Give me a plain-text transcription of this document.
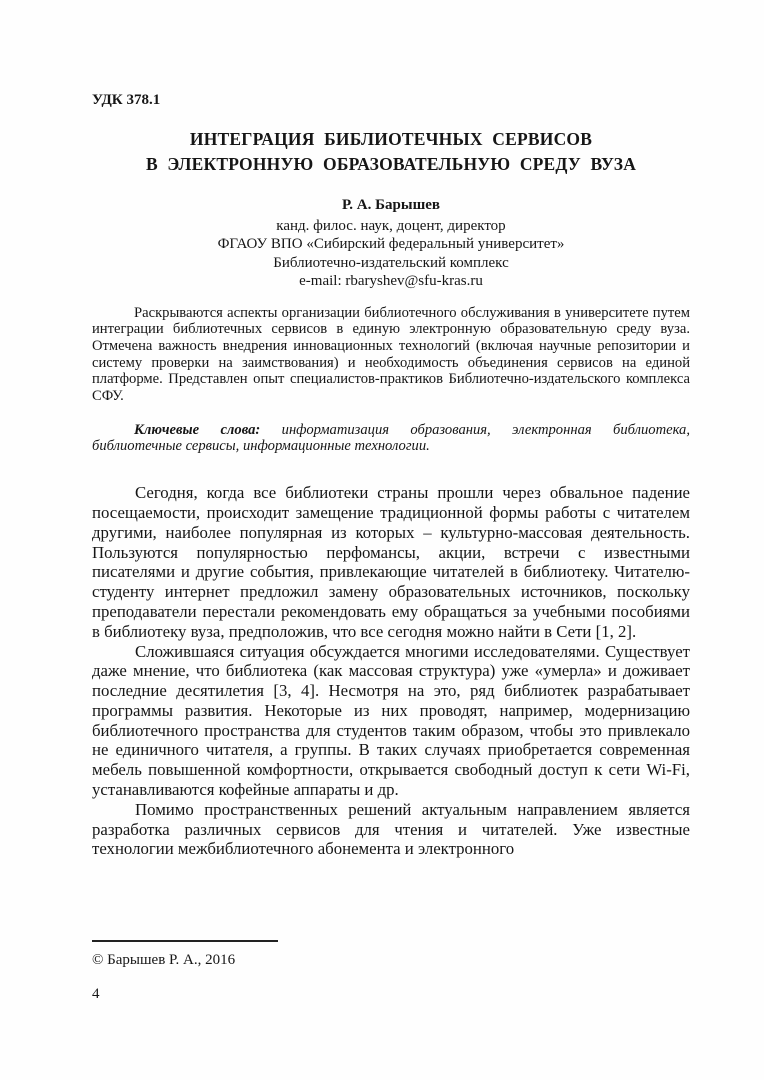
УДК 378.1
ИНТЕГРАЦИЯ БИБЛИОТЕЧНЫХ СЕРВИСОВ
В ЭЛЕКТРОННУЮ ОБРАЗОВАТЕЛЬНУЮ СРЕДУ ВУЗА
Р. А. Барышев
канд. филос. наук, доцент, директор
ФГАОУ ВПО «Сибирский федеральный университет»
Библиотечно-издательский комплекс
e-mail: rbaryshev@sfu-kras.ru

Раскрываются аспекты организации библиотечного обслуживания в университете путем интеграции библиотечных сервисов в единую электронную образовательную среду вуза. Отмечена важность внедрения инновационных технологий (включая научные репозитории и систему проверки на заимствования) и необходимость объединения сервисов на единой платформе. Представлен опыт специалистов-практиков Библиотечно-издательского комплекса СФУ.

Ключевые слова: информатизация образования, электронная библиотека, библиотечные сервисы, информационные технологии.

Сегодня, когда все библиотеки страны прошли через обвальное падение посещаемости, происходит замещение традиционной формы работы с читателем другими, наиболее популярная из которых – культурно-массовая деятельность. Пользуются популярностью перфомансы, акции, встречи с известными писателями и другие события, привлекающие читателей в библиотеку. Читателю-студенту интернет предложил замену образовательных источников, поскольку преподаватели перестали рекомендовать ему обращаться за учебными пособиями в библиотеку вуза, предположив, что все сегодня можно найти в Сети [1, 2].

Сложившаяся ситуация обсуждается многими исследователями. Существует даже мнение, что библиотека (как массовая структура) уже «умерла» и доживает последние десятилетия [3, 4]. Несмотря на это, ряд библиотек разрабатывает программы развития. Некоторые из них проводят, например, модернизацию библиотечного пространства для студентов таким образом, чтобы это привлекало не единичного читателя, а группы. В таких случаях приобретается современная мебель повышенной комфортности, открывается свободный доступ к сети Wi-Fi, устанавливаются кофейные аппараты и др.

Помимо пространственных решений актуальным направлением является разработка различных сервисов для чтения и читателей. Уже известные технологии межбиблиотечного абонемента и электронного

© Барышев Р. А., 2016
4
